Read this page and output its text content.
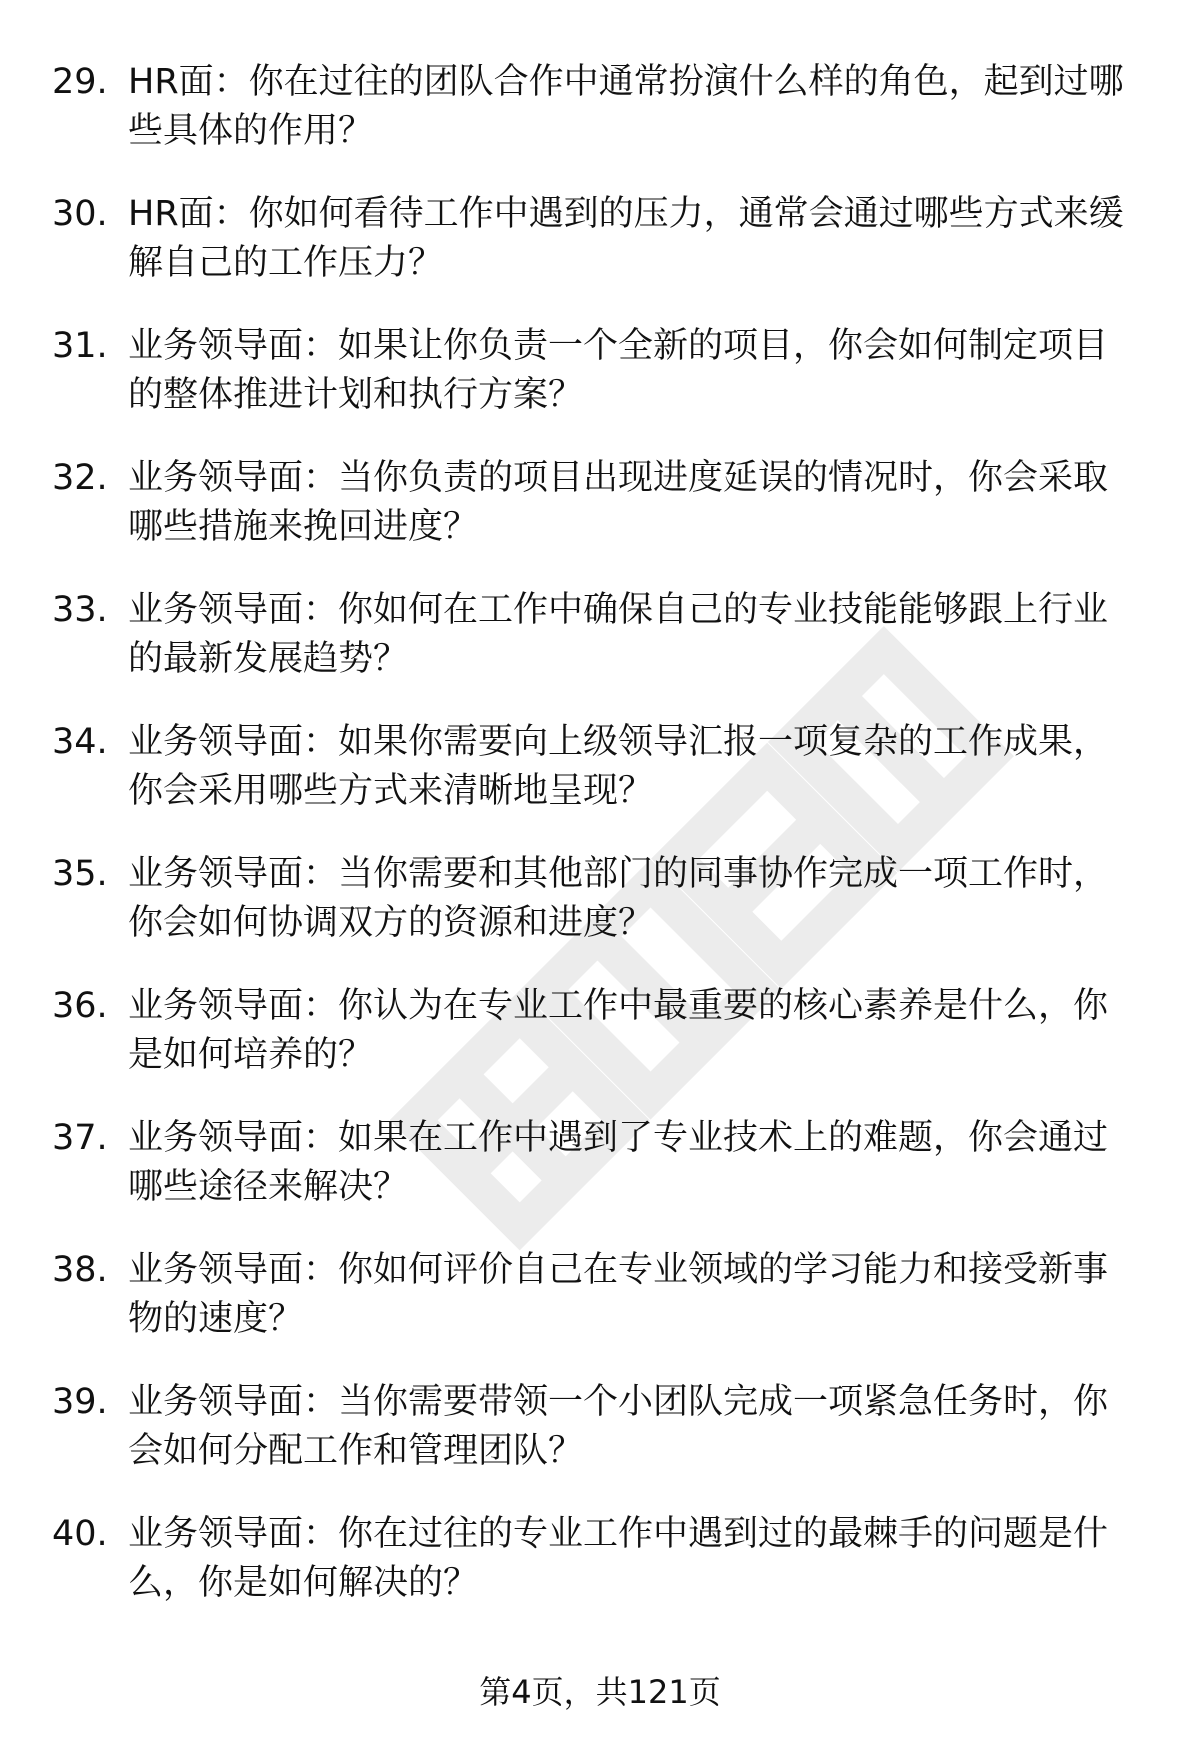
29. HR面：你在过往的团队合作中通常扮演什么样的角色，起到过哪
些具体的作用？
30. HR面：你如何看待工作中遇到的压力，通常会通过哪些方式来缓
解自己的工作压力？
31. 业务领导面：如果让你负责一个全新的项目，你会如何制定项目
的整体推进计划和执行方案？
32. 业务领导面：当你负责的项目出现进度延误的情况时，你会采取
哪些措施来挽回进度？
33. 业务领导面：你如何在工作中确保自己的专业技能能够跟上行业
的最新发展趋势？
34. 业务领导面：如果你需要向上级领导汇报一项复杂的工作成果，
你会采用哪些方式来清晰地呈现？
35. 业务领导面：当你需要和其他部门的同事协作完成一项工作时，
你会如何协调双方的资源和进度？
36. 业务领导面：你认为在专业工作中最重要的核心素养是什么，你
是如何培养的？
37. 业务领导面：如果在工作中遇到了专业技术上的难题，你会通过
哪些途径来解决？
38. 业务领导面：你如何评价自己在专业领域的学习能力和接受新事
物的速度？
39. 业务领导面：当你需要带领一个小团队完成一项紧急任务时，你
会如何分配工作和管理团队？
40. 业务领导面：你在过往的专业工作中遇到过的最棘手的问题是什
么，你是如何解决的？
第4页，共121页
